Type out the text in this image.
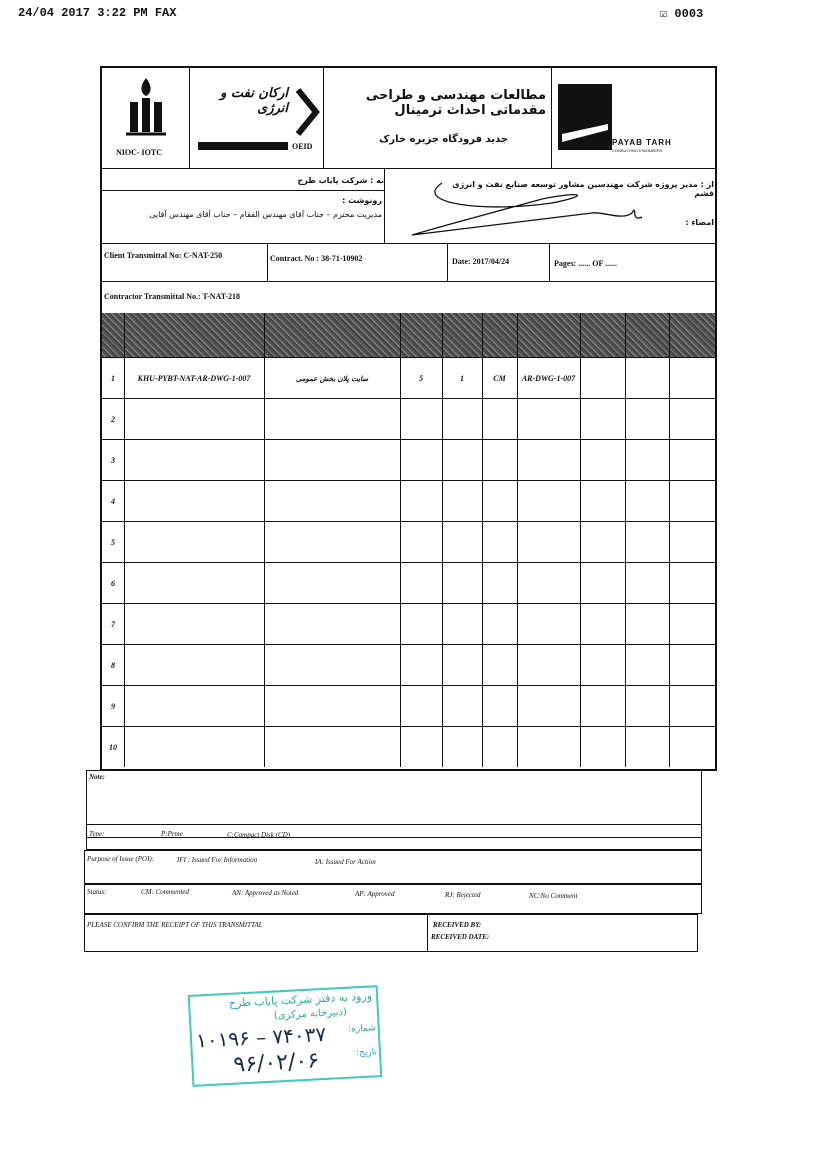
24/04 2017 3:22 PM FAX	☑ 0003
NIOC- IOTC
ارکان نفت و انرژی
OEID
مطالعات مهندسی و طراحی مقدماتی احداث ترمینال
جدید فرودگاه جزیره خارک	PAYAB TARH
CONSULTING ENGINEERS
به : شرکت پایاب طرح	از : مدیر پروژه شرکت مهندسین مشاور توسعه صنایع نفت و انرژی قشم
رونوشت :
مدیریت محترم – جناب آقای مهندس الفقام – جناب آقای مهندس آقایی
امضاء :
Client Transmittal No: C-NAT-250	Contract. No : 38-71-10902	Date: 2017/04/24	Pages: ...... OF ......
Contractor Transmittal No.: T-NAT-218
1	KHU-PYBT-NAT-AR-DWG-1-007	سایت پلان بخش عمومی	5	1	CM	AR-DWG-1-007
2
3
4
5
6
7
8
9
10
Note:
Type:	P:Prme	C:Compact Disk (CD)
Purpose of Issue (POI):	IFI : Issued For Information	IA: Issued For Action
Status:	CM: Commented	AN: Approved as Noted	AP: Approved	RJ: Rejected	NC:No Comment
PLEASE CONFIRM THE RECEIPT OF THIS TRANSMITTAL	RECEIVED BY:
RECEIVED DATE:
ورود به دفتر شرکت پایاب طرح
(دبیرخانه مرکزی)
شماره:
۱۰۱۹۶ – ۷۴۰۳۷
تاریخ:
۹۶/۰۲/۰۶
